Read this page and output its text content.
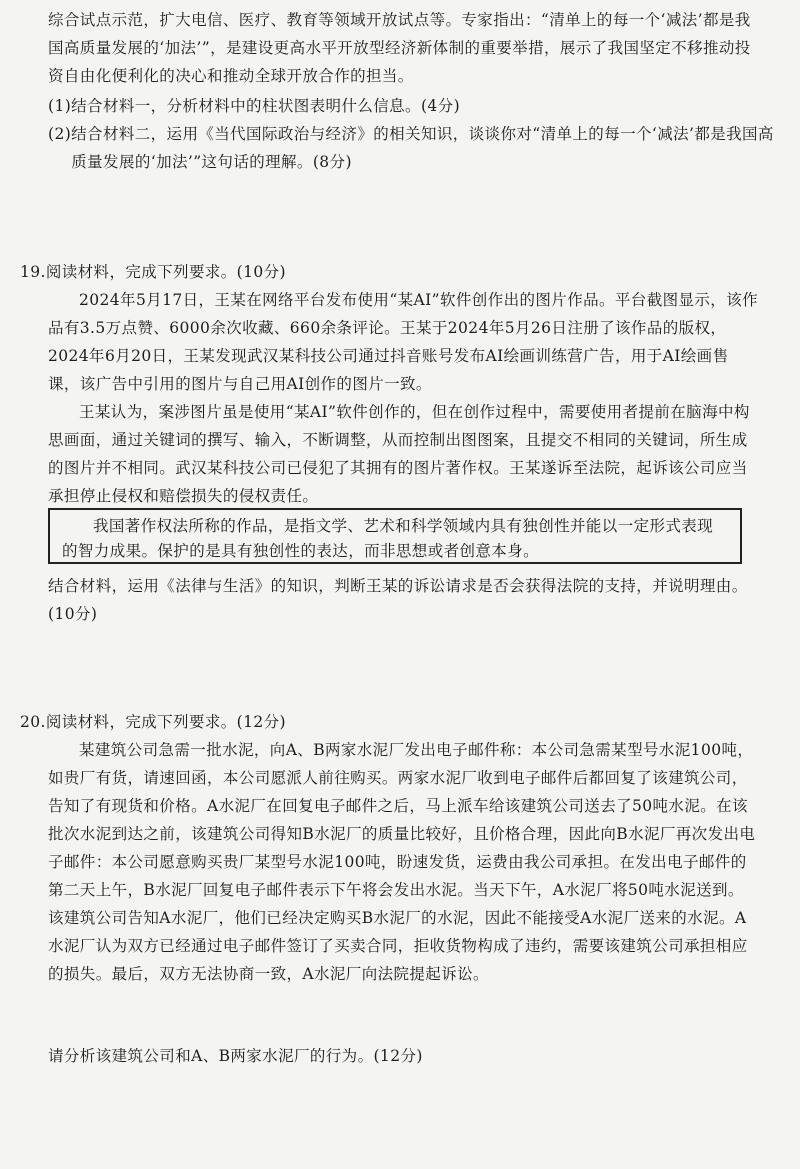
综合试点示范，扩大电信、医疗、教育等领域开放试点等。专家指出：“清单上的每一个‘减法’都是我国高质量发展的‘加法’”，是建设更高水平开放型经济新体制的重要举措，展示了我国坚定不移推动投资自由化便利化的决心和推动全球开放合作的担当。

(1)结合材料一，分析材料中的柱状图表明什么信息。(4分)

(2)结合材料二，运用《当代国际政治与经济》的相关知识，谈谈你对“清单上的每一个‘减法’都是我国高质量发展的‘加法’”这句话的理解。(8分)

19.阅读材料，完成下列要求。(10分)

2024年5月17日，王某在网络平台发布使用“某AI”软件创作出的图片作品。平台截图显示，该作品有3.5万点赞、6000余次收藏、660余条评论。王某于2024年5月26日注册了该作品的版权，2024年6月20日，王某发现武汉某科技公司通过抖音账号发布AI绘画训练营广告，用于AI绘画售课，该广告中引用的图片与自己用AI创作的图片一致。

王某认为，案涉图片虽是使用“某AI”软件创作的，但在创作过程中，需要使用者提前在脑海中构思画面，通过关键词的撰写、输入，不断调整，从而控制出图图案，且提交不相同的关键词，所生成的图片并不相同。武汉某科技公司已侵犯了其拥有的图片著作权。王某遂诉至法院，起诉该公司应当承担停止侵权和赔偿损失的侵权责任。

我国著作权法所称的作品，是指文学、艺术和科学领域内具有独创性并能以一定形式表现的智力成果。保护的是具有独创性的表达，而非思想或者创意本身。

结合材料，运用《法律与生活》的知识，判断王某的诉讼请求是否会获得法院的支持，并说明理由。(10分)

20.阅读材料，完成下列要求。(12分)

某建筑公司急需一批水泥，向A、B两家水泥厂发出电子邮件称：本公司急需某型号水泥100吨，如贵厂有货，请速回函，本公司愿派人前往购买。两家水泥厂收到电子邮件后都回复了该建筑公司，告知了有现货和价格。A水泥厂在回复电子邮件之后，马上派车给该建筑公司送去了50吨水泥。在该批次水泥到达之前，该建筑公司得知B水泥厂的质量比较好，且价格合理，因此向B水泥厂再次发出电子邮件：本公司愿意购买贵厂某型号水泥100吨，盼速发货，运费由我公司承担。在发出电子邮件的第二天上午，B水泥厂回复电子邮件表示下午将会发出水泥。当天下午，A水泥厂将50吨水泥送到。该建筑公司告知A水泥厂，他们已经决定购买B水泥厂的水泥，因此不能接受A水泥厂送来的水泥。A水泥厂认为双方已经通过电子邮件签订了买卖合同，拒收货物构成了违约，需要该建筑公司承担相应的损失。最后，双方无法协商一致，A水泥厂向法院提起诉讼。

请分析该建筑公司和A、B两家水泥厂的行为。(12分)
